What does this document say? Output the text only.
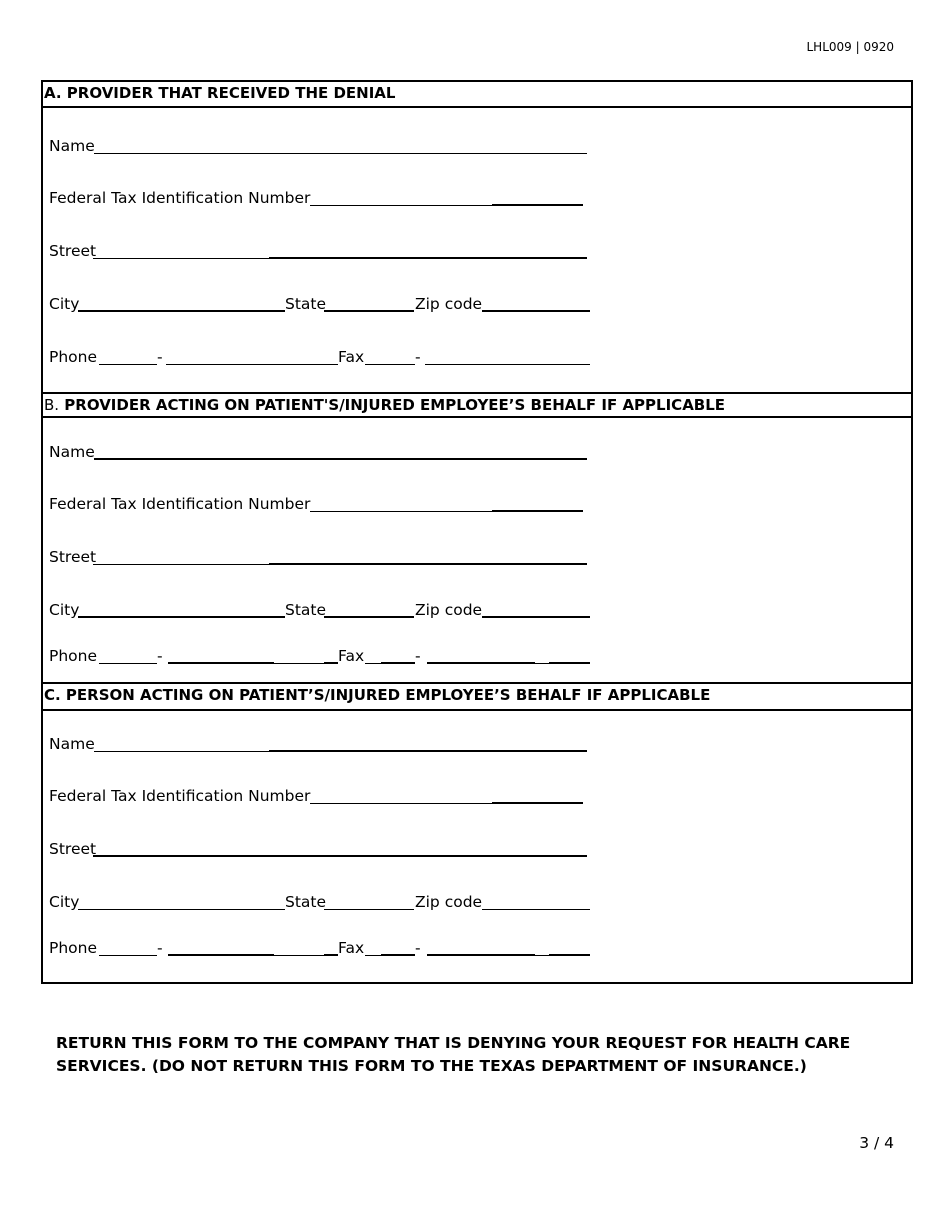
LHL009 | 0920
A. PROVIDER THAT RECEIVED THE DENIAL
Name
Federal Tax Identification Number
Street
City	State	Zip code
Phone	-	Fax	-
B. PROVIDER ACTING ON PATIENT'S/INJURED EMPLOYEE’S BEHALF IF APPLICABLE
Name
Federal Tax Identification Number
Street
City	State	Zip code
Phone	-	Fax	-
C. PERSON ACTING ON PATIENT’S/INJURED EMPLOYEE’S BEHALF IF APPLICABLE
Name
Federal Tax Identification Number
Street
City	State	Zip code
Phone	-	Fax	-
RETURN THIS FORM TO THE COMPANY THAT IS DENYING YOUR REQUEST FOR HEALTH CARE SERVICES. (DO NOT RETURN THIS FORM TO THE TEXAS DEPARTMENT OF INSURANCE.)
3 / 4
